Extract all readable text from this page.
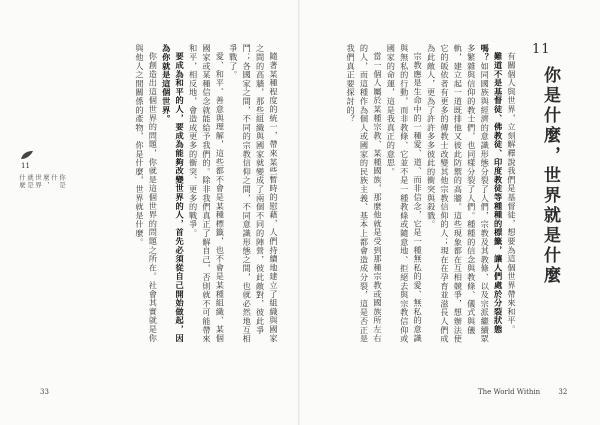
11
你是什麼，世界就是什麼

有關個人與世界，立刻解釋說我們是基督徒，想要為這個世界帶來和平。

難道不是基督徒、佛教徒、印度教徒等種種的標籤，讓人們處於分裂狀態嗎？如同國族與經濟的意識形態分裂了人們，宗教及其教條、以及宗派繼續眾多繁雜與信仰的教士們，也同樣分裂了人們。種種的信念與教條、儀式與儀軌，建立起一道既排他又彼此防禦的高牆。這些現象都在互相競爭，想辦法使它的皈依者有更多的傳教士改變其他宗教信仰的人；現在在孕育並滋長人們成為此敵人，更為了許許多多彼此的衝突與殺戮。

宗教應是生命中的一種愛、道、而非信念，它是一種無私的愛、無私的意識與無私的行動，而非教條、它並不是一種教條或隨意地、拒絕去與宗教信仰或國家的命運，這是我真正的意思。

當一個人屬於某種宗教、某種國族，那麼他就是受到那種宗教或國族所左右的人，而這種作為個人或國家的民族主義、基本上都會造成分裂，這是否正是我們真正要探討的？

隨著某種程度的統一，帶來某些暫時的慰藉，人們持續地建立了組織與國家之間的高牆，那些組織與國家就變成了兩個不同的陣營，彼此敵對，彼此爭鬥；各國家之間，不同的宗教信仰之間，不同意識形態之間，也就必然地互相爭戰了。

愛、和平、善意與理解，這些都不會是某種標籤，也不會是某種組織、某個國家或某種信念就能給予我們的。除非我們真正了解自己，否則就不可能帶來和平，相反地，會造成更多的衝突、更多的戰爭。

要成為和平的人，要成為能夠改變世界的人，首先必須從自己開始做起，因為你就是這個世界。

你創造出這個世界的問題，你就是這個世界的問題之所在。社會其實就是你與他人之間關係的產物，你是什麼，世界就是什麼。

11
你是什麼，世界就是什麼
33	The World Within	32
